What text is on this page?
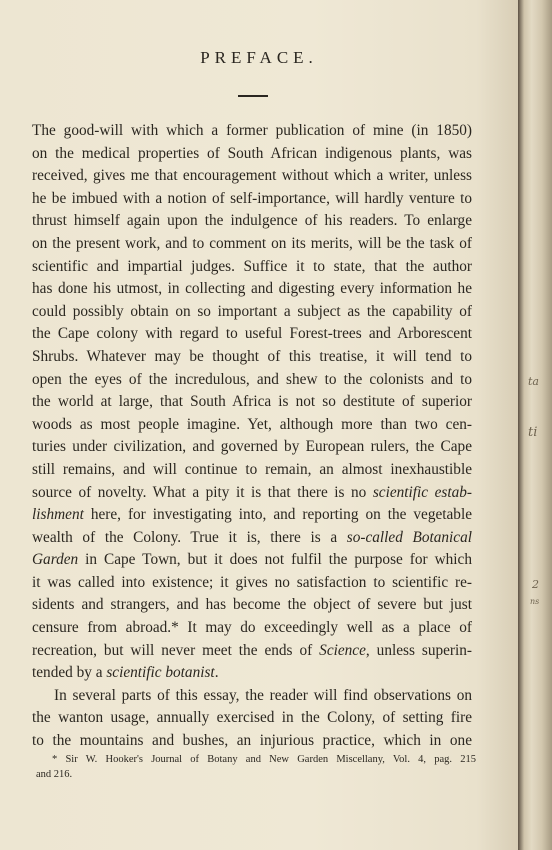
PREFACE.
The good-will with which a former publication of mine (in 1850)
on the medical properties of South African indigenous plants, was
received, gives me that encouragement without which a writer, unless
he be imbued with a notion of self-importance, will hardly venture to
thrust himself again upon the indulgence of his readers. To enlarge
on the present work, and to comment on its merits, will be the task of
scientific and impartial judges. Suffice it to state, that the author
has done his utmost, in collecting and digesting every information he
could possibly obtain on so important a subject as the capability of
the Cape colony with regard to useful Forest-trees and Arborescent
Shrubs. Whatever may be thought of this treatise, it will tend to
open the eyes of the incredulous, and shew to the colonists and to
the world at large, that South Africa is not so destitute of superior
woods as most people imagine. Yet, although more than two cen-
turies under civilization, and governed by European rulers, the Cape
still remains, and will continue to remain, an almost inexhaustible
source of novelty. What a pity it is that there is no scientific estab-
lishment here, for investigating into, and reporting on the vegetable
wealth of the Colony. True it is, there is a so-called Botanical
Garden in Cape Town, but it does not fulfil the purpose for which
it was called into existence; it gives no satisfaction to scientific re-
sidents and strangers, and has become the object of severe but just
censure from abroad.* It may do exceedingly well as a place of
recreation, but will never meet the ends of Science, unless superin-
tended by a scientific botanist.
In several parts of this essay, the reader will find observations on
the wanton usage, annually exercised in the Colony, of setting fire
to the mountains and bushes, an injurious practice, which in one
* Sir W. Hooker's Journal of Botany and New Garden Miscellany, Vol. 4, pag. 215
and 216.
ta
ti
2
ns
